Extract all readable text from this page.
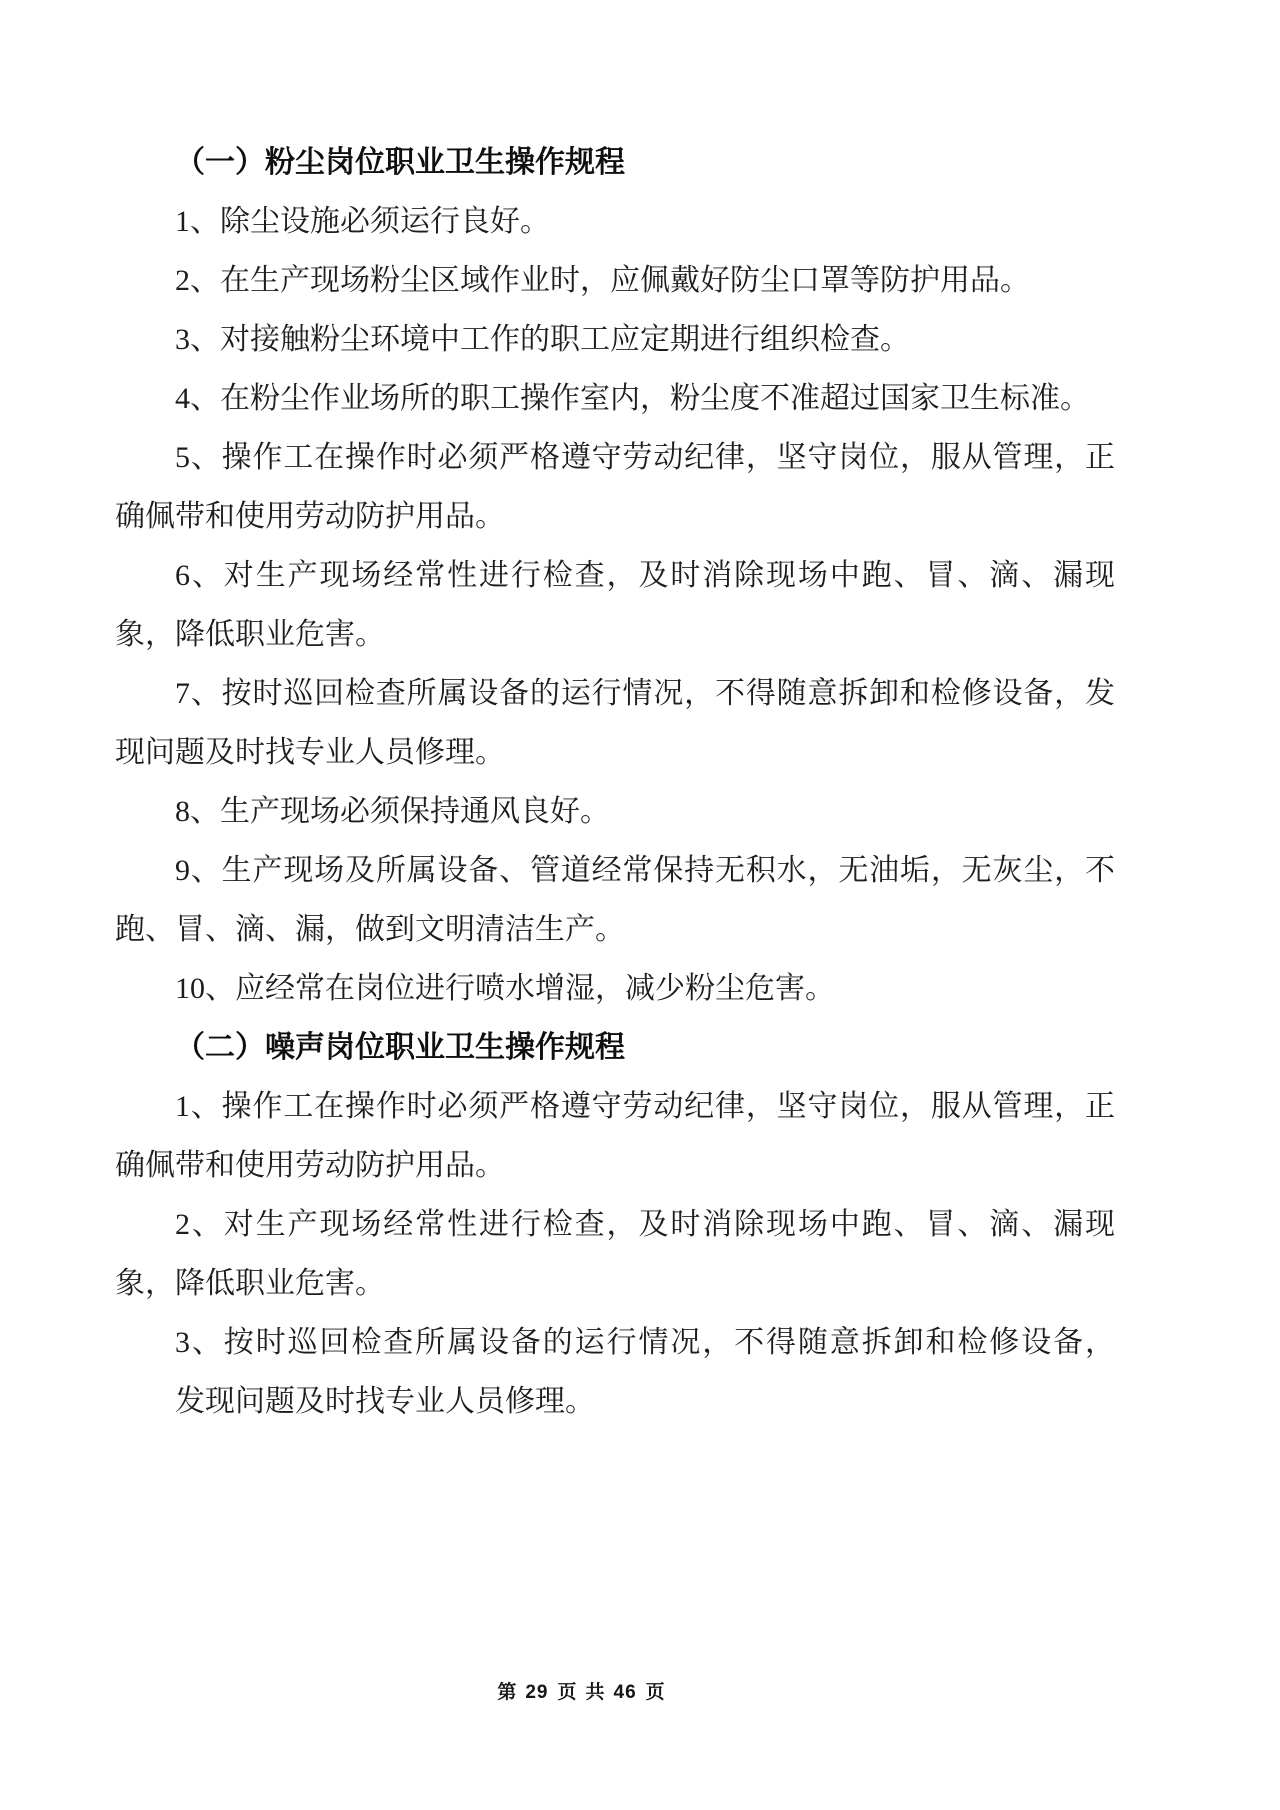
（一）粉尘岗位职业卫生操作规程
1、除尘设施必须运行良好。
2、在生产现场粉尘区域作业时，应佩戴好防尘口罩等防护用品。
3、对接触粉尘环境中工作的职工应定期进行组织检查。
4、在粉尘作业场所的职工操作室内，粉尘度不准超过国家卫生标准。
5、操作工在操作时必须严格遵守劳动纪律，坚守岗位，服从管理，正
确佩带和使用劳动防护用品。
6、对生产现场经常性进行检查，及时消除现场中跑、冒、滴、漏现
象，降低职业危害。
7、按时巡回检查所属设备的运行情况，不得随意拆卸和检修设备，发
现问题及时找专业人员修理。
8、生产现场必须保持通风良好。
9、生产现场及所属设备、管道经常保持无积水，无油垢，无灰尘，不
跑、冒、滴、漏，做到文明清洁生产。
10、应经常在岗位进行喷水增湿，减少粉尘危害。
（二）噪声岗位职业卫生操作规程
1、操作工在操作时必须严格遵守劳动纪律，坚守岗位，服从管理，正
确佩带和使用劳动防护用品。
2、对生产现场经常性进行检查，及时消除现场中跑、冒、滴、漏现
象，降低职业危害。
3、按时巡回检查所属设备的运行情况，不得随意拆卸和检修设备，
发现问题及时找专业人员修理。
第 29 页 共 46 页
